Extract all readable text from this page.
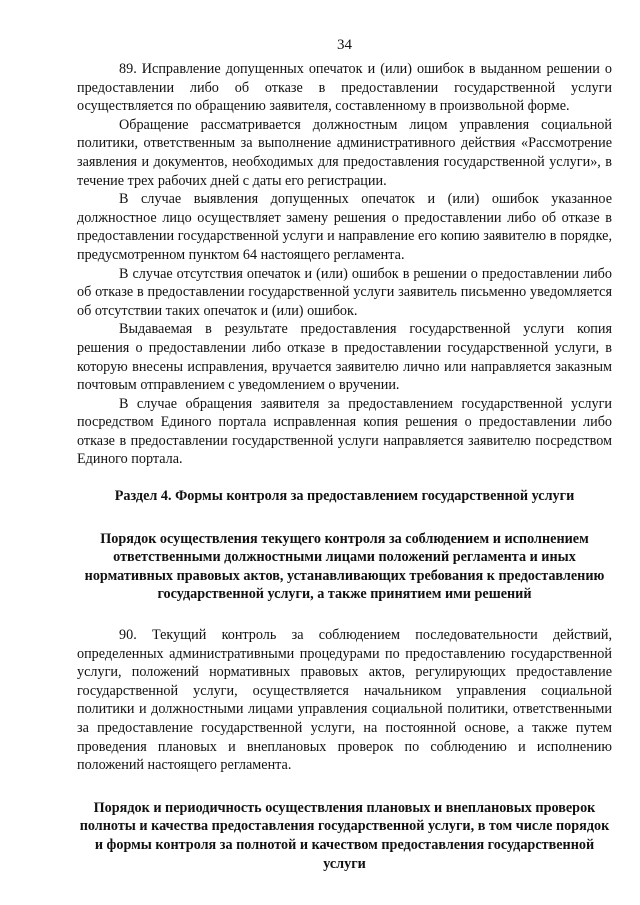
34

89. Исправление допущенных опечаток и (или) ошибок в выданном решении о предоставлении либо об отказе в предоставлении государственной услуги осуществляется по обращению заявителя, составленному в произвольной форме.

Обращение рассматривается должностным лицом управления социальной политики, ответственным за выполнение административного действия «Рассмотрение заявления и документов, необходимых для предоставления государственной услуги», в течение трех рабочих дней с даты его регистрации.

В случае выявления допущенных опечаток и (или) ошибок указанное должностное лицо осуществляет замену решения о предоставлении либо об отказе в предоставлении государственной услуги и направление его копию заявителю в порядке, предусмотренном пунктом 64 настоящего регламента.

В случае отсутствия опечаток и (или) ошибок в решении о предоставлении либо об отказе в предоставлении государственной услуги заявитель письменно уведомляется об отсутствии таких опечаток и (или) ошибок.

Выдаваемая в результате предоставления государственной услуги копия решения о предоставлении либо отказе в предоставлении государственной услуги, в которую внесены исправления, вручается заявителю лично или направляется заказным почтовым отправлением с уведомлением о вручении.

В случае обращения заявителя за предоставлением государственной услуги посредством Единого портала исправленная копия решения о предоставлении либо отказе в предоставлении государственной услуги направляется заявителю посредством Единого портала.

Раздел 4. Формы контроля за предоставлением государственной услуги

Порядок осуществления текущего контроля за соблюдением и исполнением ответственными должностными лицами положений регламента и иных нормативных правовых актов, устанавливающих требования к предоставлению государственной услуги, а также принятием ими решений

90. Текущий контроль за соблюдением последовательности действий, определенных административными процедурами по предоставлению государственной услуги, положений нормативных правовых актов, регулирующих предоставление государственной услуги, осуществляется начальником управления социальной политики и должностными лицами управления социальной политики, ответственными за предоставление государственной услуги, на постоянной основе, а также путем проведения плановых и внеплановых проверок по соблюдению и исполнению положений настоящего регламента.

Порядок и периодичность осуществления плановых и внеплановых проверок полноты и качества предоставления государственной услуги, в том числе порядок и формы контроля за полнотой и качеством предоставления государственной услуги
